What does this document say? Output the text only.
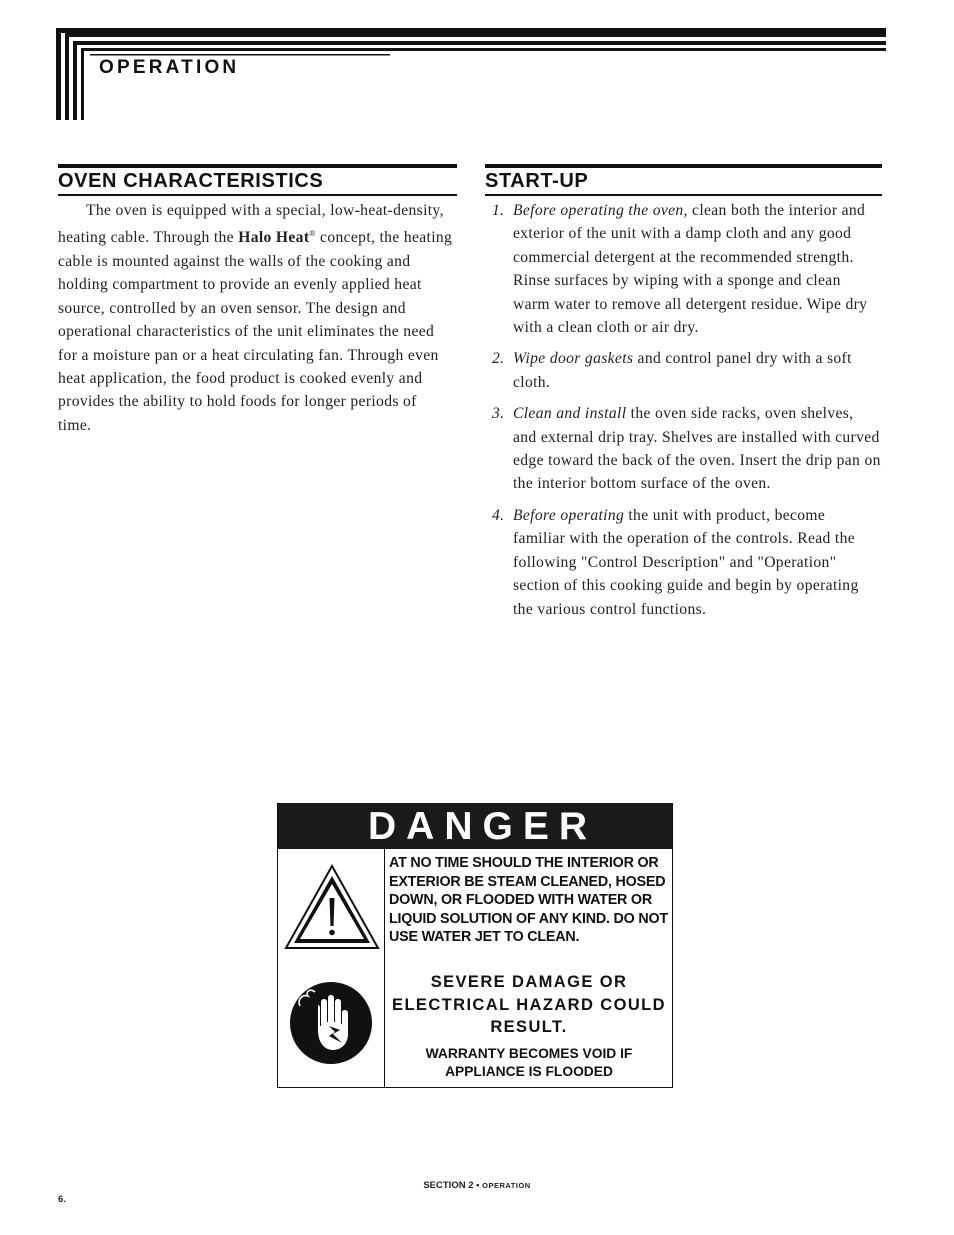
OPERATION
OVEN CHARACTERISTICS
The oven is equipped with a special, low-heat-density, heating cable. Through the Halo Heat® concept, the heating cable is mounted against the walls of the cooking and holding compartment to provide an evenly applied heat source, controlled by an oven sensor. The design and operational characteristics of the unit eliminates the need for a moisture pan or a heat circulating fan. Through even heat application, the food product is cooked evenly and provides the ability to hold foods for longer periods of time.
START-UP
1. Before operating the oven, clean both the interior and exterior of the unit with a damp cloth and any good commercial detergent at the recommended strength. Rinse surfaces by wiping with a sponge and clean warm water to remove all detergent residue. Wipe dry with a clean cloth or air dry.
2. Wipe door gaskets and control panel dry with a soft cloth.
3. Clean and install the oven side racks, oven shelves, and external drip tray. Shelves are installed with curved edge toward the back of the oven. Insert the drip pan on the interior bottom surface of the oven.
4. Before operating the unit with product, become familiar with the operation of the controls. Read the following "Control Description" and "Operation" section of this cooking guide and begin by operating the various control functions.
DANGER
AT NO TIME SHOULD THE INTERIOR OR EXTERIOR BE STEAM CLEANED, HOSED DOWN, OR FLOODED WITH WATER OR LIQUID SOLUTION OF ANY KIND. DO NOT USE WATER JET TO CLEAN.
SEVERE DAMAGE OR ELECTRICAL HAZARD COULD RESULT.
WARRANTY BECOMES VOID IF APPLIANCE IS FLOODED
SECTION 2 • OPERATION
6.
